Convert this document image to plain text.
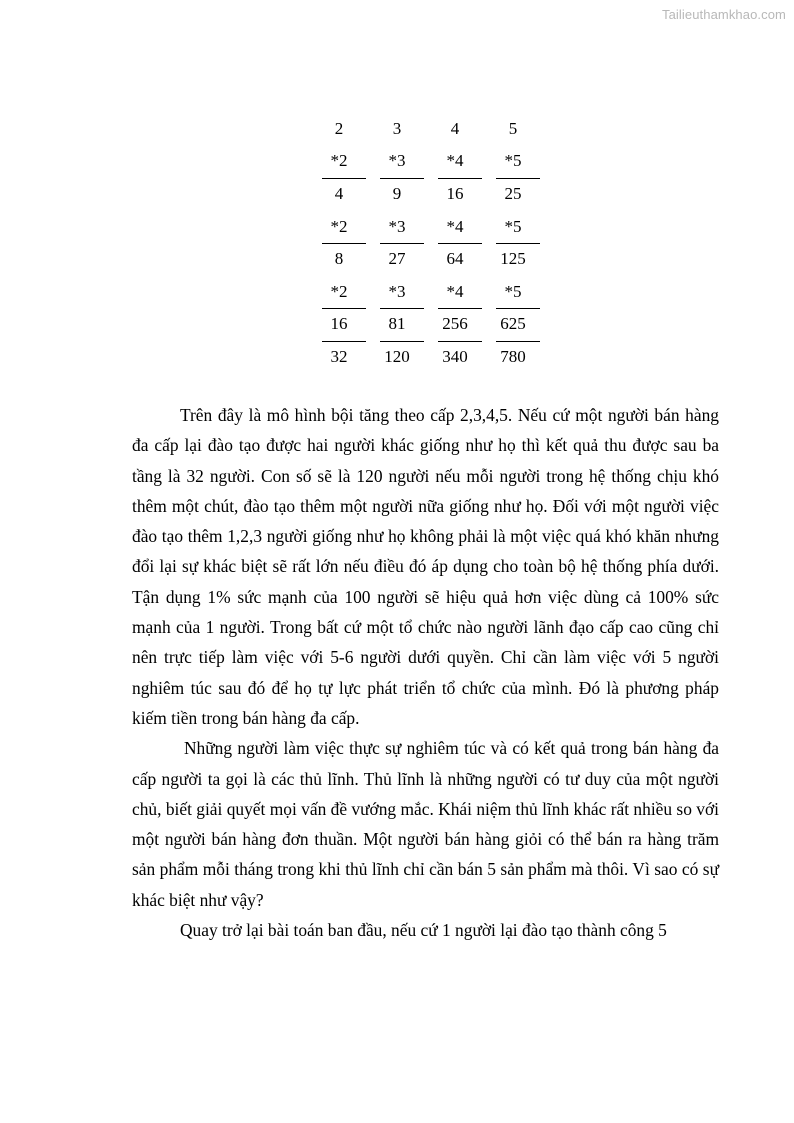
Tailieuthamkhao.com
2	3	4	5
*2	*3	*4	*5
4	9	16	25
*2	*3	*4	*5
8	27	64	125
*2	*3	*4	*5
16	81	256	625
32	120	340	780

Trên đây là mô hình bội tăng theo cấp 2,3,4,5. Nếu cứ một người bán hàng đa cấp lại đào tạo được hai người khác giống như họ thì kết quả thu được sau ba tầng là 32 người. Con số sẽ là 120 người nếu mỗi người trong hệ thống chịu khó thêm một chút, đào tạo thêm một người nữa giống như họ. Đối với một người việc đào tạo thêm 1,2,3 người giống như họ không phải là một việc quá khó khăn nhưng đổi lại sự khác biệt sẽ rất lớn nếu điều đó áp dụng cho toàn bộ hệ thống phía dưới. Tận dụng 1% sức mạnh của 100 người sẽ hiệu quả hơn việc dùng cả 100% sức mạnh của 1 người. Trong bất cứ một tổ chức nào người lãnh đạo cấp cao cũng chỉ nên trực tiếp làm việc với 5-6 người dưới quyền. Chỉ cần làm việc với 5 người nghiêm túc sau đó để họ tự lực phát triển tổ chức của mình. Đó là phương pháp kiếm tiền trong bán hàng đa cấp.

Những người làm việc thực sự nghiêm túc và có kết quả trong bán hàng đa cấp người ta gọi là các thủ lĩnh. Thủ lĩnh là những người có tư duy của một người chủ, biết giải quyết mọi vấn đề vướng mắc. Khái niệm thủ lĩnh khác rất nhiều so với một người bán hàng đơn thuần. Một người bán hàng giỏi có thể bán ra hàng trăm sản phẩm mỗi tháng trong khi thủ lĩnh chỉ cần bán 5 sản phẩm mà thôi. Vì sao có sự khác biệt như vậy?

Quay trở lại bài toán ban đầu, nếu cứ 1 người lại đào tạo thành công 5
